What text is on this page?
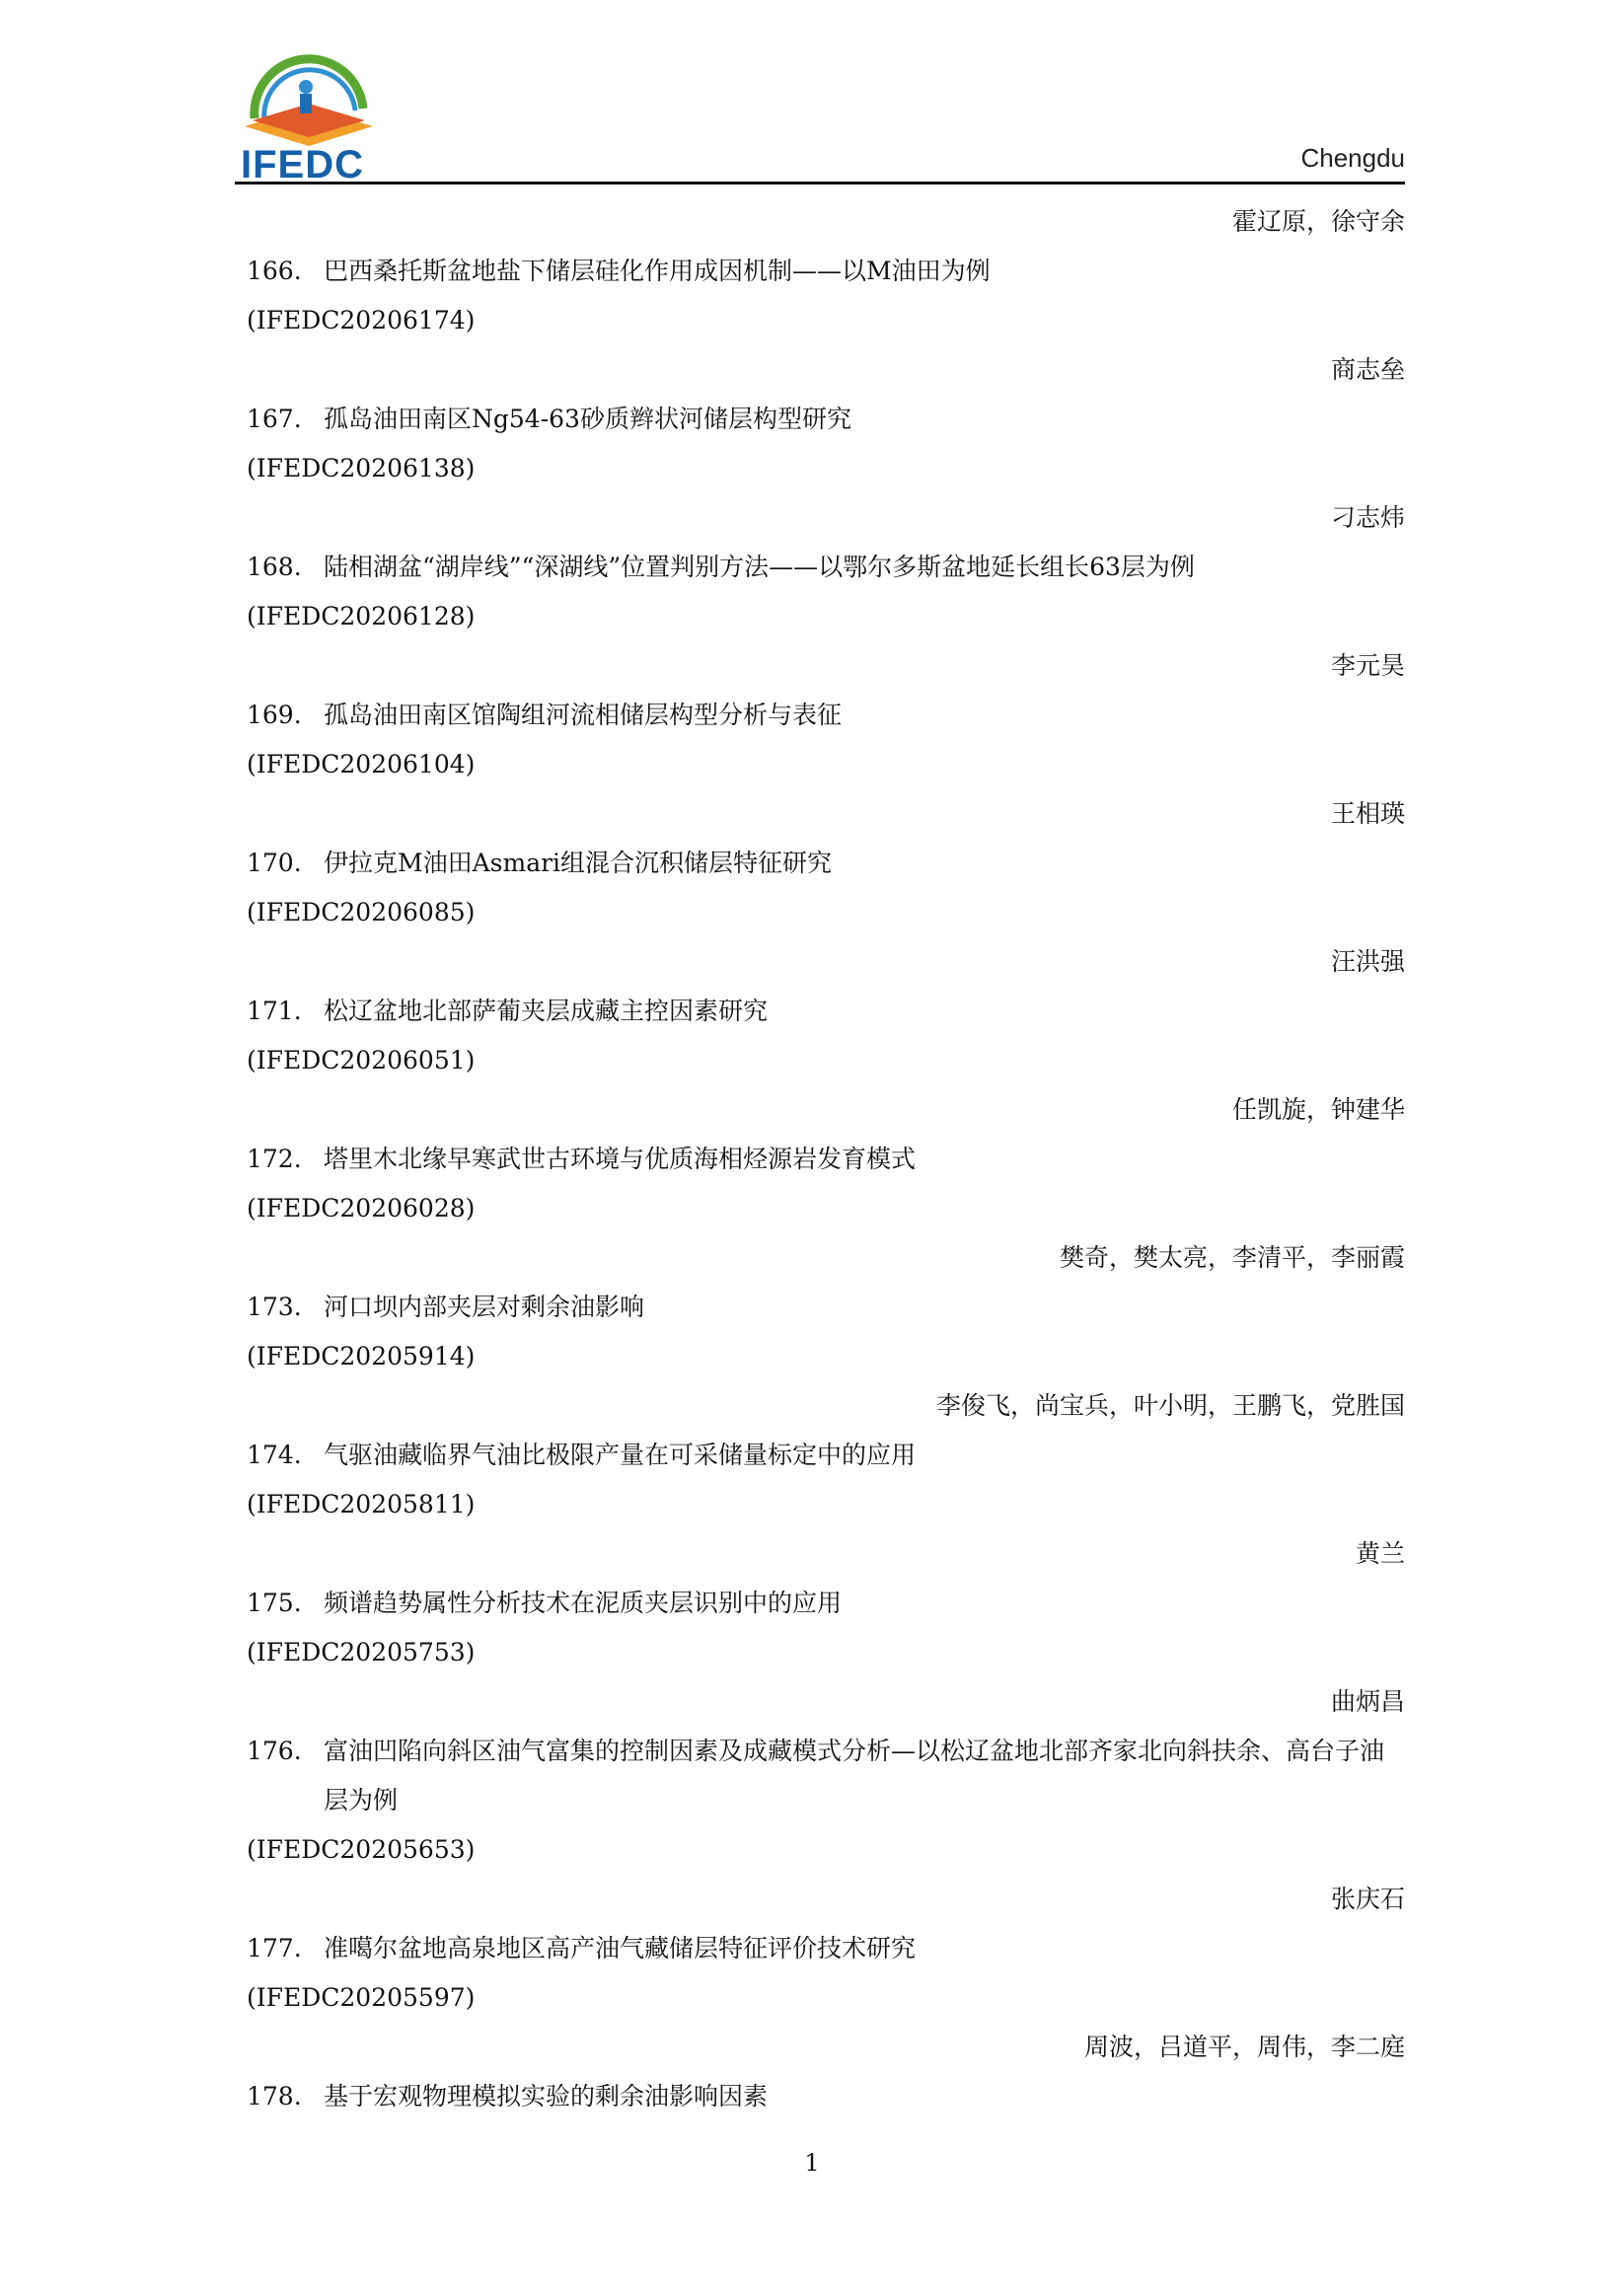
IFEDC	Chengdu
霍辽原，徐守余
166. 巴西桑托斯盆地盐下储层硅化作用成因机制——以M油田为例
(IFEDC20206174)
商志垒
167. 孤岛油田南区Ng54-63砂质辫状河储层构型研究
(IFEDC20206138)
刁志炜
168. 陆相湖盆“湖岸线”“深湖线”位置判别方法——以鄂尔多斯盆地延长组长63层为例
(IFEDC20206128)
李元昊
169. 孤岛油田南区馆陶组河流相储层构型分析与表征
(IFEDC20206104)
王相瑛
170. 伊拉克M油田Asmari组混合沉积储层特征研究
(IFEDC20206085)
汪洪强
171. 松辽盆地北部萨葡夹层成藏主控因素研究
(IFEDC20206051)
任凯旋，钟建华
172. 塔里木北缘早寒武世古环境与优质海相烃源岩发育模式
(IFEDC20206028)
樊奇，樊太亮，李清平，李丽霞
173. 河口坝内部夹层对剩余油影响
(IFEDC20205914)
李俊飞，尚宝兵，叶小明，王鹏飞，党胜国
174. 气驱油藏临界气油比极限产量在可采储量标定中的应用
(IFEDC20205811)
黄兰
175. 频谱趋势属性分析技术在泥质夹层识别中的应用
(IFEDC20205753)
曲炳昌
176. 富油凹陷向斜区油气富集的控制因素及成藏模式分析—以松辽盆地北部齐家北向斜扶余、高台子油层为例
(IFEDC20205653)
张庆石
177. 准噶尔盆地高泉地区高产油气藏储层特征评价技术研究
(IFEDC20205597)
周波，吕道平，周伟，李二庭
178. 基于宏观物理模拟实验的剩余油影响因素
1
